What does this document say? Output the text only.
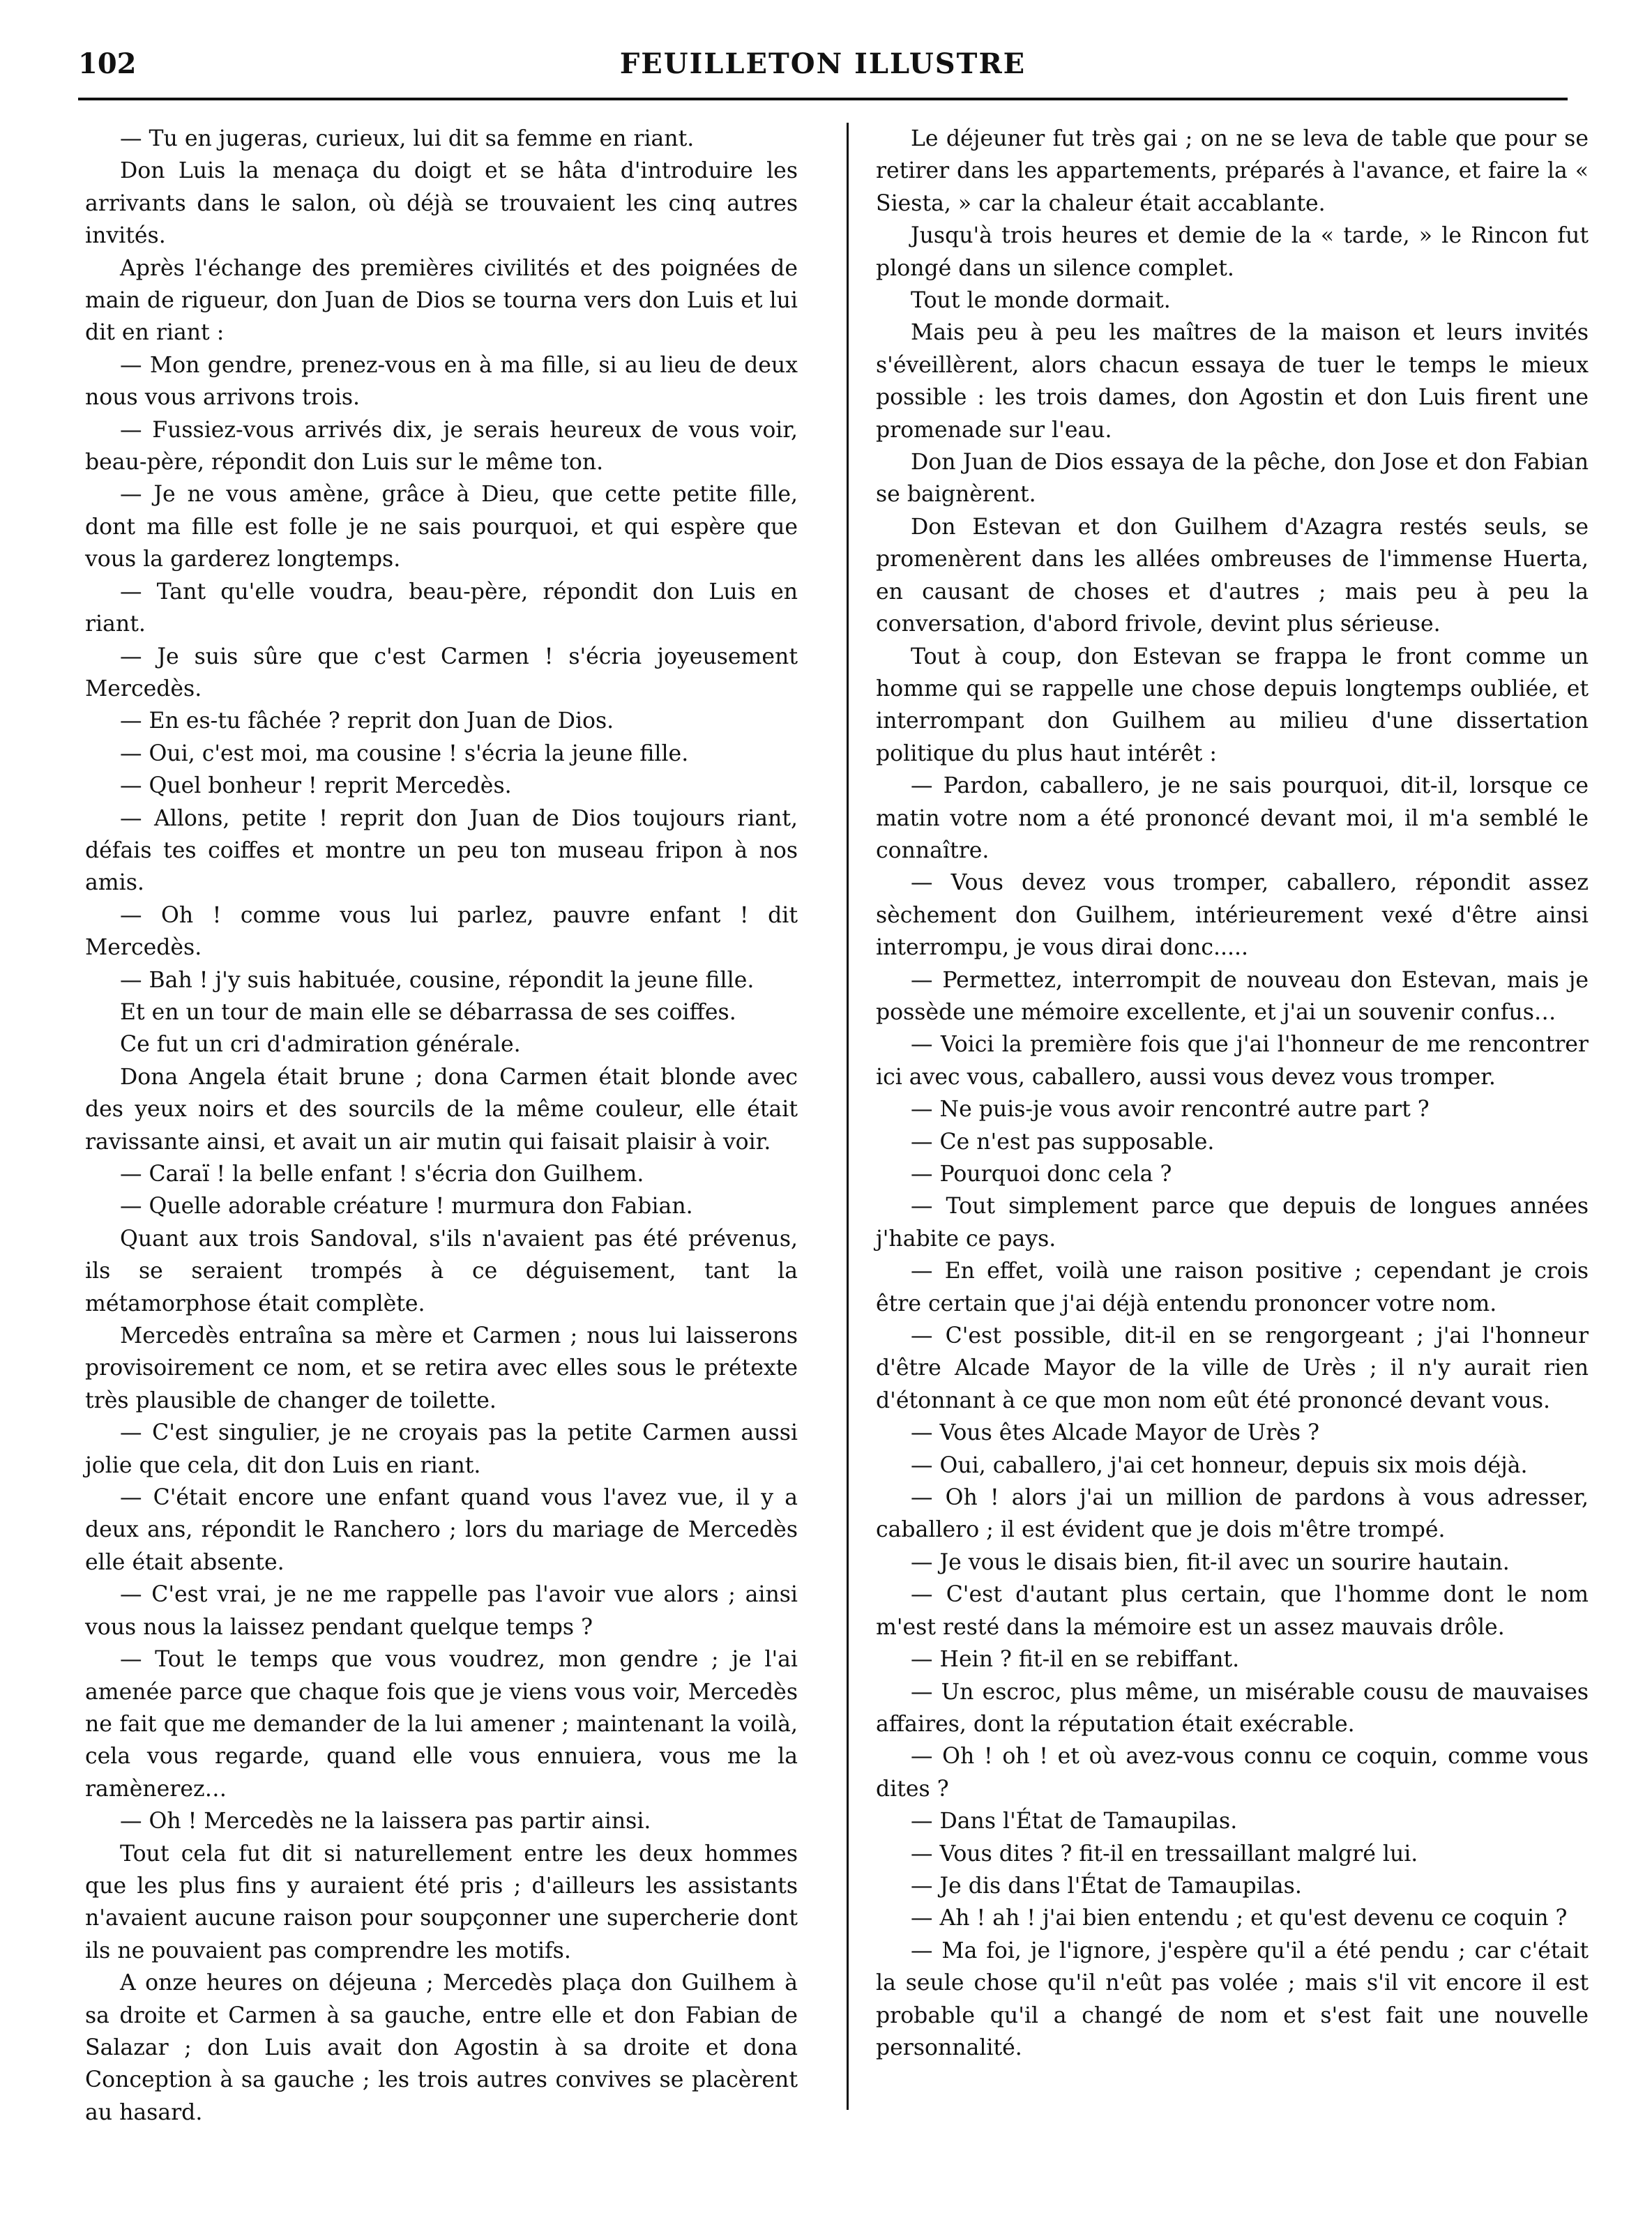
102	FEUILLETON ILLUSTRE

— Tu en jugeras, curieux, lui dit sa femme en riant.

Don Luis la menaça du doigt et se hâta d'introduire les arrivants dans le salon, où déjà se trouvaient les cinq autres invités.

Après l'échange des premières civilités et des poignées de main de rigueur, don Juan de Dios se tourna vers don Luis et lui dit en riant :

— Mon gendre, prenez-vous en à ma fille, si au lieu de deux nous vous arrivons trois.

— Fussiez-vous arrivés dix, je serais heureux de vous voir, beau-père, répondit don Luis sur le même ton.

— Je ne vous amène, grâce à Dieu, que cette petite fille, dont ma fille est folle je ne sais pourquoi, et qui espère que vous la garderez longtemps.

— Tant qu'elle voudra, beau-père, répondit don Luis en riant.

— Je suis sûre que c'est Carmen ! s'écria joyeusement Mercedès.

— En es-tu fâchée ? reprit don Juan de Dios.

— Oui, c'est moi, ma cousine ! s'écria la jeune fille.

— Quel bonheur ! reprit Mercedès.

— Allons, petite ! reprit don Juan de Dios toujours riant, défais tes coiffes et montre un peu ton museau fripon à nos amis.

— Oh ! comme vous lui parlez, pauvre enfant ! dit Mercedès.

— Bah ! j'y suis habituée, cousine, répondit la jeune fille.

Et en un tour de main elle se débarrassa de ses coiffes.

Ce fut un cri d'admiration générale.

Dona Angela était brune ; dona Carmen était blonde avec des yeux noirs et des sourcils de la même couleur, elle était ravissante ainsi, et avait un air mutin qui faisait plaisir à voir.

— Caraï ! la belle enfant ! s'écria don Guilhem.

— Quelle adorable créature ! murmura don Fabian.

Quant aux trois Sandoval, s'ils n'avaient pas été prévenus, ils se seraient trompés à ce déguisement, tant la métamorphose était complète.

Mercedès entraîna sa mère et Carmen ; nous lui laisserons provisoirement ce nom, et se retira avec elles sous le prétexte très plausible de changer de toilette.

— C'est singulier, je ne croyais pas la petite Carmen aussi jolie que cela, dit don Luis en riant.

— C'était encore une enfant quand vous l'avez vue, il y a deux ans, répondit le Ranchero ; lors du mariage de Mercedès elle était absente.

— C'est vrai, je ne me rappelle pas l'avoir vue alors ; ainsi vous nous la laissez pendant quelque temps ?

— Tout le temps que vous voudrez, mon gendre ; je l'ai amenée parce que chaque fois que je viens vous voir, Mercedès ne fait que me demander de la lui amener ; maintenant la voilà, cela vous regarde, quand elle vous ennuiera, vous me la ramènerez…

— Oh ! Mercedès ne la laissera pas partir ainsi.

Tout cela fut dit si naturellement entre les deux hommes que les plus fins y auraient été pris ; d'ailleurs les assistants n'avaient aucune raison pour soupçonner une supercherie dont ils ne pouvaient pas comprendre les motifs.

A onze heures on déjeuna ; Mercedès plaça don Guilhem à sa droite et Carmen à sa gauche, entre elle et don Fabian de Salazar ; don Luis avait don Agostin à sa droite et dona Conception à sa gauche ; les trois autres convives se placèrent au hasard.

Le déjeuner fut très gai ; on ne se leva de table que pour se retirer dans les appartements, préparés à l'avance, et faire la « Siesta, » car la chaleur était accablante.

Jusqu'à trois heures et demie de la « tarde, » le Rincon fut plongé dans un silence complet.

Tout le monde dormait.

Mais peu à peu les maîtres de la maison et leurs invités s'éveillèrent, alors chacun essaya de tuer le temps le mieux possible : les trois dames, don Agostin et don Luis firent une promenade sur l'eau.

Don Juan de Dios essaya de la pêche, don Jose et don Fabian se baignèrent.

Don Estevan et don Guilhem d'Azagra restés seuls, se promenèrent dans les allées ombreuses de l'immense Huerta, en causant de choses et d'autres ; mais peu à peu la conversation, d'abord frivole, devint plus sérieuse.

Tout à coup, don Estevan se frappa le front comme un homme qui se rappelle une chose depuis longtemps oubliée, et interrompant don Guilhem au milieu d'une dissertation politique du plus haut intérêt :

— Pardon, caballero, je ne sais pourquoi, dit-il, lorsque ce matin votre nom a été prononcé devant moi, il m'a semblé le connaître.

— Vous devez vous tromper, caballero, répondit assez sèchement don Guilhem, intérieurement vexé d'être ainsi interrompu, je vous dirai donc.....

— Permettez, interrompit de nouveau don Estevan, mais je possède une mémoire excellente, et j'ai un souvenir confus…

— Voici la première fois que j'ai l'honneur de me rencontrer ici avec vous, caballero, aussi vous devez vous tromper.

— Ne puis-je vous avoir rencontré autre part ?

— Ce n'est pas supposable.

— Pourquoi donc cela ?

— Tout simplement parce que depuis de longues années j'habite ce pays.

— En effet, voilà une raison positive ; cependant je crois être certain que j'ai déjà entendu prononcer votre nom.

— C'est possible, dit-il en se rengorgeant ; j'ai l'honneur d'être Alcade Mayor de la ville de Urès ; il n'y aurait rien d'étonnant à ce que mon nom eût été prononcé devant vous.

— Vous êtes Alcade Mayor de Urès ?

— Oui, caballero, j'ai cet honneur, depuis six mois déjà.

— Oh ! alors j'ai un million de pardons à vous adresser, caballero ; il est évident que je dois m'être trompé.

— Je vous le disais bien, fit-il avec un sourire hautain.

— C'est d'autant plus certain, que l'homme dont le nom m'est resté dans la mémoire est un assez mauvais drôle.

— Hein ? fit-il en se rebiffant.

— Un escroc, plus même, un misérable cousu de mauvaises affaires, dont la réputation était exécrable.

— Oh ! oh ! et où avez-vous connu ce coquin, comme vous dites ?

— Dans l'État de Tamaupilas.

— Vous dites ? fit-il en tressaillant malgré lui.

— Je dis dans l'État de Tamaupilas.

— Ah ! ah ! j'ai bien entendu ; et qu'est devenu ce coquin ?

— Ma foi, je l'ignore, j'espère qu'il a été pendu ; car c'était la seule chose qu'il n'eût pas volée ; mais s'il vit encore il est probable qu'il a changé de nom et s'est fait une nouvelle personnalité.
